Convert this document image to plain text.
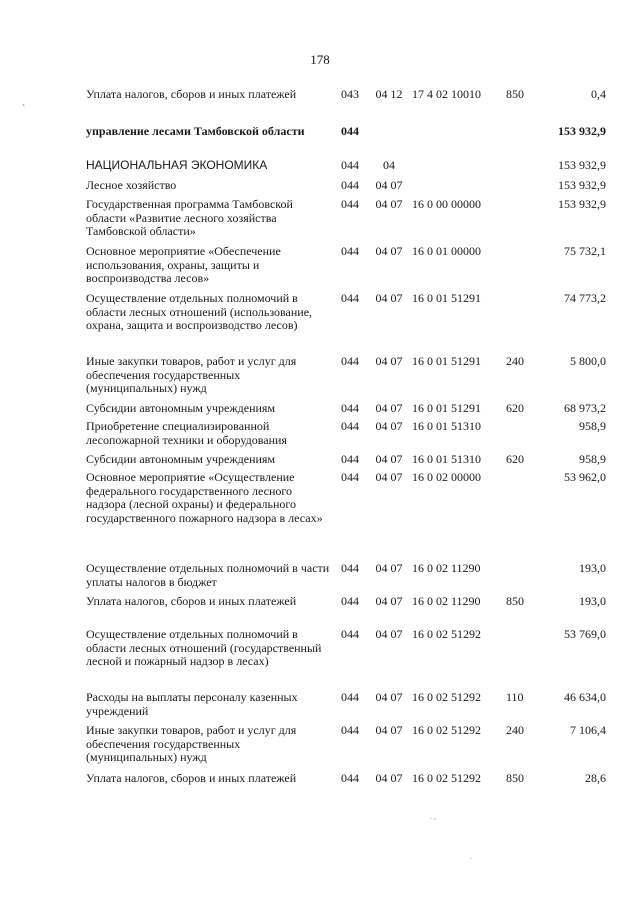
178
`
Уплата налогов, сборов и иных платежей	043	04 12	17 4 02 10010	850	0,4
управление лесами Тамбовской области	044				153 932,9
НАЦИОНАЛЬНАЯ ЭКОНОМИКА	044	04			153 932,9
Лесное хозяйство	044	04 07			153 932,9
Государственная программа Тамбовской области «Развитие лесного хозяйства Тамбовской области»	044	04 07	16 0 00 00000		153 932,9
Основное мероприятие «Обеспечение использования, охраны, защиты и воспроизводства лесов»	044	04 07	16 0 01 00000		75 732,1
Осуществление отдельных полномочий в области лесных отношений (использование, охрана, защита и воспроизводство лесов)	044	04 07	16 0 01 51291		74 773,2
Иные закупки товаров, работ и услуг для обеспечения государственных (муниципальных) нужд	044	04 07	16 0 01 51291	240	5 800,0
Субсидии автономным учреждениям	044	04 07	16 0 01 51291	620	68 973,2
Приобретение специализированной лесопожарной техники и оборудования	044	04 07	16 0 01 51310		958,9
Субсидии автономным учреждениям	044	04 07	16 0 01 51310	620	958,9
Основное мероприятие «Осуществление федерального государственного лесного надзора (лесной охраны) и федерального государственного пожарного надзора в лесах»	044	04 07	16 0 02 00000		53 962,0
Осуществление отдельных полномочий в части уплаты налогов в бюджет	044	04 07	16 0 02 11290		193,0
Уплата налогов, сборов и иных платежей	044	04 07	16 0 02 11290	850	193,0
Осуществление отдельных полномочий в области лесных отношений (государственный лесной и пожарный надзор в лесах)	044	04 07	16 0 02 51292		53 769,0
Расходы на выплаты персоналу казенных учреждений	044	04 07	16 0 02 51292	110	46 634,0
Иные закупки товаров, работ и услуг для обеспечения государственных (муниципальных) нужд	044	04 07	16 0 02 51292	240	7 106,4
Уплата налогов, сборов и иных платежей	044	04 07	16 0 02 51292	850	28,6
. ,
.
